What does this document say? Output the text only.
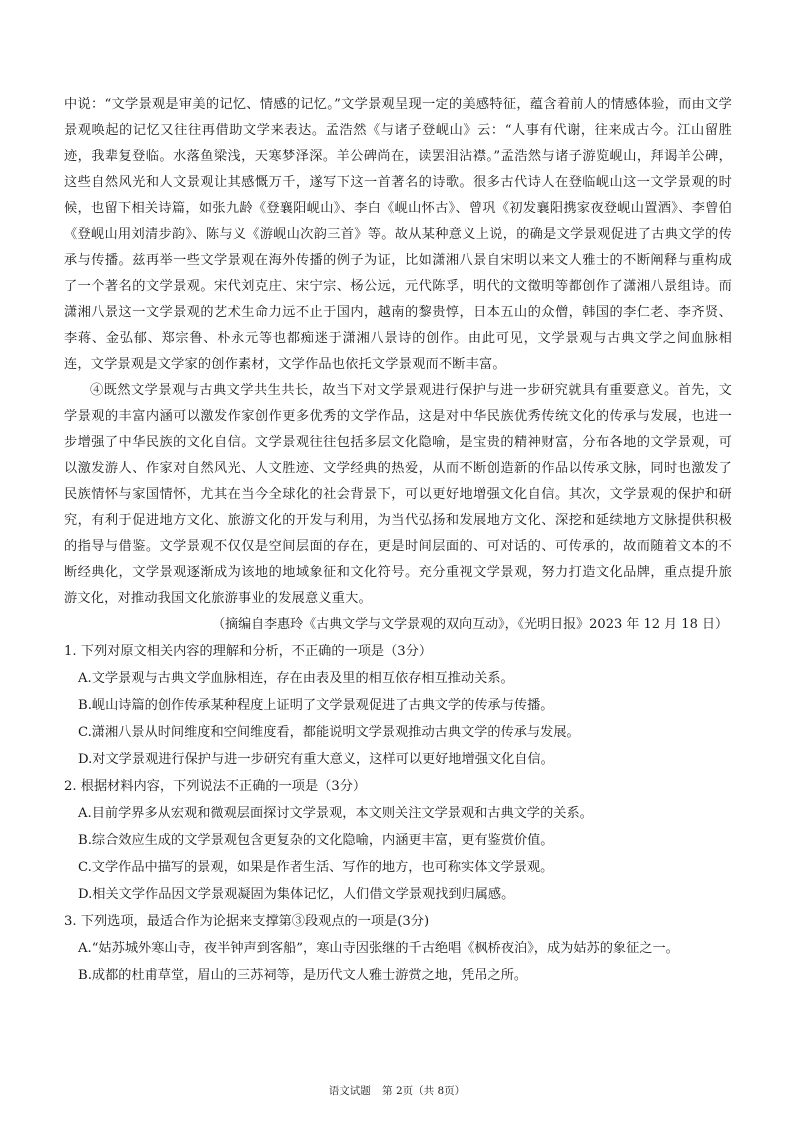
中说：“文学景观是审美的记忆、情感的记忆。”文学景观呈现一定的美感特征，蕴含着前人的情感体验，而由文学景观唤起的记忆又往往再借助文学来表达。孟浩然《与诸子登岘山》云：“人事有代谢，往来成古今。江山留胜迹，我辈复登临。水落鱼梁浅，天寒梦泽深。羊公碑尚在，读罢泪沾襟。”孟浩然与诸子游览岘山，拜谒羊公碑，这些自然风光和人文景观让其感慨万千，遂写下这一首著名的诗歌。很多古代诗人在登临岘山这一文学景观的时候，也留下相关诗篇，如张九龄《登襄阳岘山》、李白《岘山怀古》、曾巩《初发襄阳携家夜登岘山置酒》、李曾伯《登岘山用刘清步韵》、陈与义《游岘山次韵三首》等。故从某种意义上说，的确是文学景观促进了古典文学的传承与传播。兹再举一些文学景观在海外传播的例子为证，比如潇湘八景自宋明以来文人雅士的不断阐释与重构成了一个著名的文学景观。宋代刘克庄、宋宁宗、杨公远，元代陈孚，明代的文徵明等都创作了潇湘八景组诗。而潇湘八景这一文学景观的艺术生命力远不止于国内，越南的黎贵惇，日本五山的众僧，韩国的李仁老、李齐贤、李蒋、金弘郁、郑宗鲁、朴永元等也都痴迷于潇湘八景诗的创作。由此可见，文学景观与古典文学之间血脉相连，文学景观是文学家的创作素材，文学作品也依托文学景观而不断丰富。

④既然文学景观与古典文学共生共长，故当下对文学景观进行保护与进一步研究就具有重要意义。首先，文学景观的丰富内涵可以激发作家创作更多优秀的文学作品，这是对中华民族优秀传统文化的传承与发展，也进一步增强了中华民族的文化自信。文学景观往往包括多层文化隐喻，是宝贵的精神财富，分布各地的文学景观，可以激发游人、作家对自然风光、人文胜迹、文学经典的热爱，从而不断创造新的作品以传承文脉，同时也激发了民族情怀与家国情怀，尤其在当今全球化的社会背景下，可以更好地增强文化自信。其次，文学景观的保护和研究，有利于促进地方文化、旅游文化的开发与利用，为当代弘扬和发展地方文化、深挖和延续地方文脉提供积极的指导与借鉴。文学景观不仅仅是空间层面的存在，更是时间层面的、可对话的、可传承的，故而随着文本的不断经典化，文学景观逐渐成为该地的地域象征和文化符号。充分重视文学景观，努力打造文化品牌，重点提升旅游文化，对推动我国文化旅游事业的发展意义重大。

（摘编自李惠玲《古典文学与文学景观的双向互动》，《光明日报》2023 年 12 月 18 日）

1. 下列对原文相关内容的理解和分析，不正确的一项是（3分）

A.文学景观与古典文学血脉相连，存在由表及里的相互依存相互推动关系。

B.岘山诗篇的创作传承某种程度上证明了文学景观促进了古典文学的传承与传播。

C.潇湘八景从时间维度和空间维度看，都能说明文学景观推动古典文学的传承与发展。

D.对文学景观进行保护与进一步研究有重大意义，这样可以更好地增强文化自信。

2. 根据材料内容，下列说法不正确的一项是（3分）

A.目前学界多从宏观和微观层面探讨文学景观，本文则关注文学景观和古典文学的关系。

B.综合效应生成的文学景观包含更复杂的文化隐喻，内涵更丰富，更有鉴赏价值。

C.文学作品中描写的景观，如果是作者生活、写作的地方，也可称实体文学景观。

D.相关文学作品因文学景观凝固为集体记忆，人们借文学景观找到归属感。

3. 下列选项，最适合作为论据来支撑第③段观点的一项是(3分)

A.“姑苏城外寒山寺，夜半钟声到客船”，寒山寺因张继的千古绝唱《枫桥夜泊》，成为姑苏的象征之一。

B.成都的杜甫草堂，眉山的三苏祠等，是历代文人雅士游赏之地，凭吊之所。

语文试题 第 2页（共 8页）
